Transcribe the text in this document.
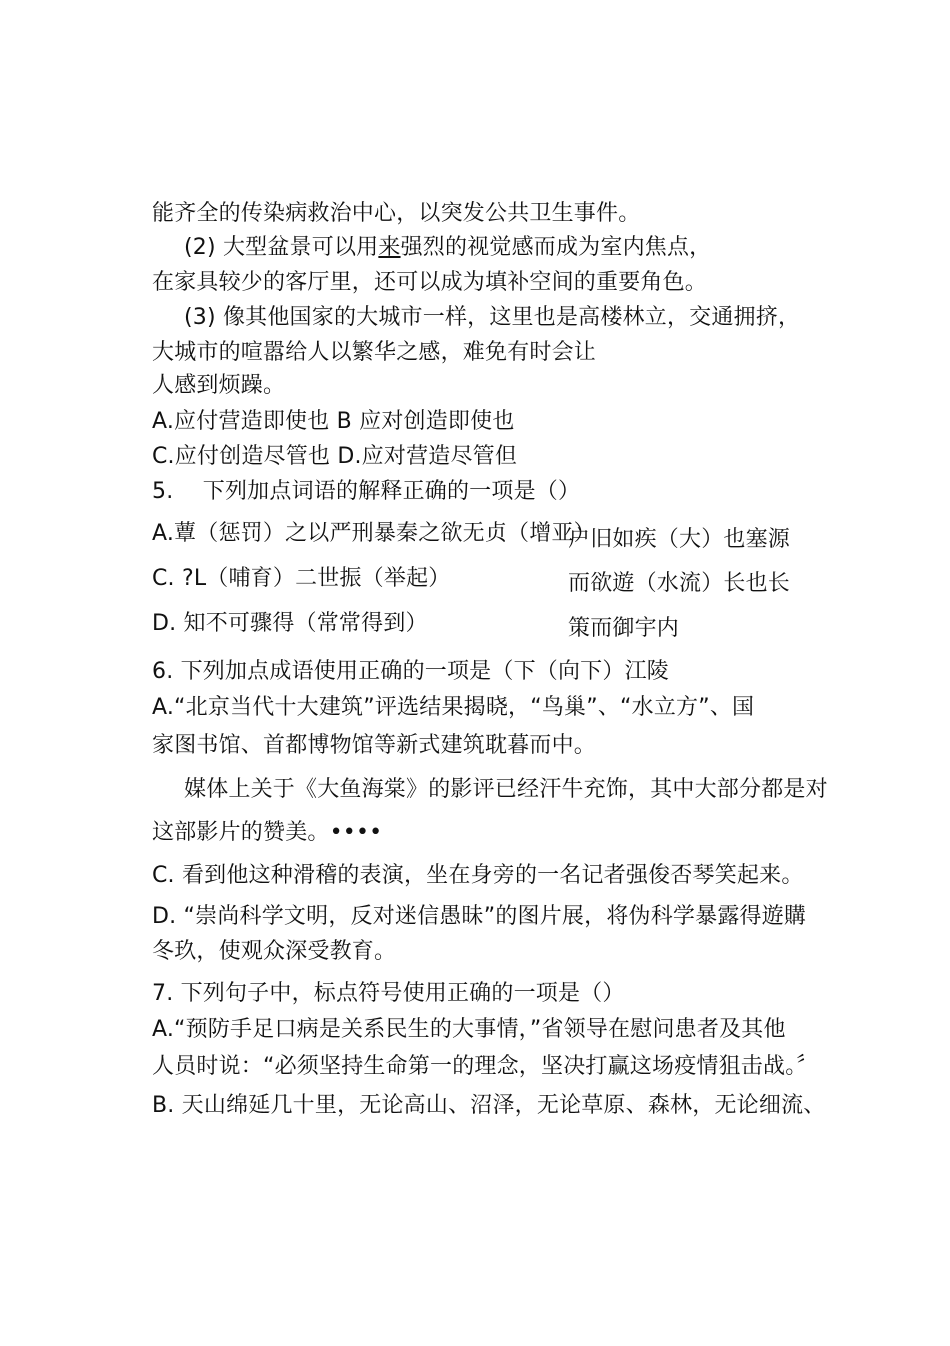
能齐全的传染病救治中心，以突发公共卫生事件。
(2) 大型盆景可以用来强烈的视觉感而成为室内焦点，
在家具较少的客厅里，还可以成为填补空间的重要角色。
(3) 像其他国家的大城市一样，这里也是高楼林立，交通拥挤，
大城市的喧嚣给人以繁华之感，难免有时会让
人感到烦躁。
A.应付营造即使也 B 应对创造即使也
C.应付创造尽管也 D.应对营造尽管但
5.　 下列加点词语的解释正确的一项是（）
A.蕈（惩罚）之以严刑暴秦之欲无贞（增亚）
户旧如疾（大）也塞源
C. ?L（哺育）二世振（举起）	而欲遊（水流）长也长
D. 知不可骤得（常常得到）	策而御宇内
6. 下列加点成语使用正确的一项是（下（向下）江陵
A.“北京当代十大建筑”评选结果揭晓，“鸟巢”、“水立方”、国
家图书馆、首都博物馆等新式建筑耽暮而中。
媒体上关于《大鱼海棠》的影评已经汗牛充饰，其中大部分都是对
这部影片的赞美。••••
C. 看到他这种滑稽的表演，坐在身旁的一名记者强俊否琴笑起来。
D. “崇尚科学文明，反对迷信愚昧”的图片展，将伪科学暴露得遊購
冬玖，使观众深受教育。
7. 下列句子中，标点符号使用正确的一项是（）
A.“预防手足口病是关系民生的大事情，”省领导在慰问患者及其他
人员时说：“必须坚持生命第一的理念，坚决打赢这场疫情狙击战。〞
B. 天山绵延几十里，无论高山、沼泽，无论草原、森林，无论细流、
